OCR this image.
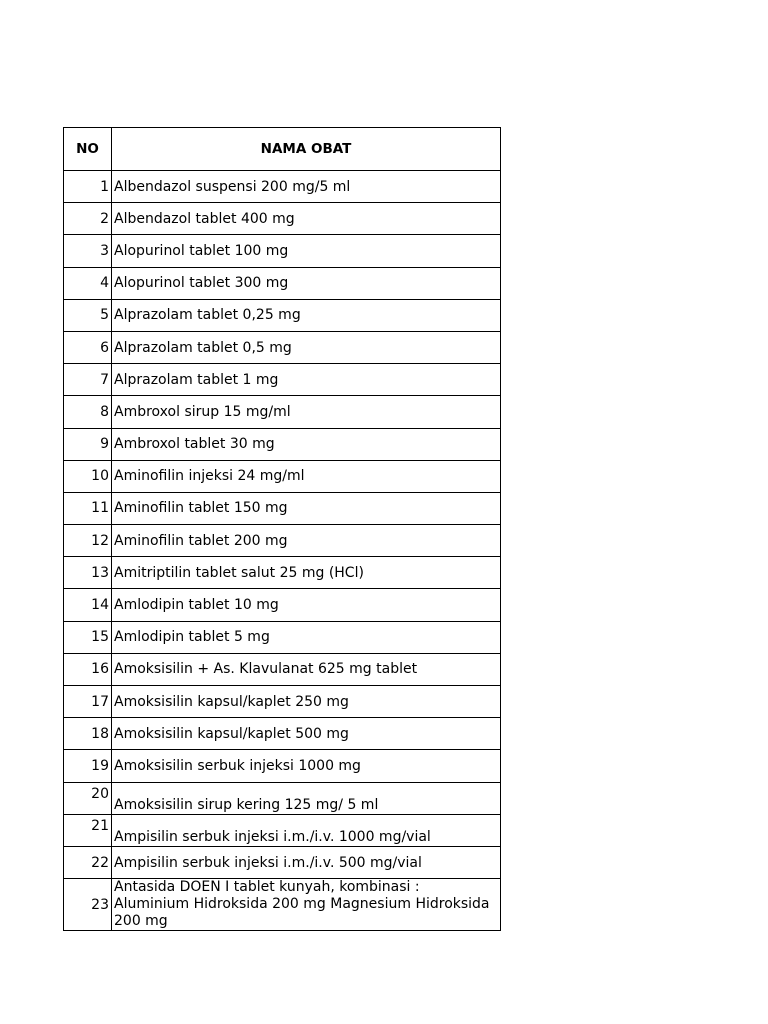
NO	NAMA OBAT
1	Albendazol suspensi 200 mg/5 ml
2	Albendazol tablet 400 mg
3	Alopurinol tablet 100 mg
4	Alopurinol tablet 300 mg
5	Alprazolam tablet 0,25 mg
6	Alprazolam tablet 0,5 mg
7	Alprazolam tablet 1 mg
8	Ambroxol sirup 15 mg/ml
9	Ambroxol tablet 30 mg
10	Aminofilin injeksi 24 mg/ml
11	Aminofilin tablet 150 mg
12	Aminofilin tablet 200 mg
13	Amitriptilin tablet salut 25 mg (HCl)
14	Amlodipin tablet 10 mg
15	Amlodipin tablet 5 mg
16	Amoksisilin + As. Klavulanat 625 mg tablet
17	Amoksisilin kapsul/kaplet 250 mg
18	Amoksisilin kapsul/kaplet 500 mg
19	Amoksisilin serbuk injeksi 1000 mg
20	Amoksisilin sirup kering 125 mg/ 5 ml
21	Ampisilin serbuk injeksi i.m./i.v. 1000 mg/vial
22	Ampisilin serbuk injeksi i.m./i.v. 500 mg/vial
23	Antasida DOEN I tablet kunyah, kombinasi : Aluminium Hidroksida 200 mg Magnesium Hidroksida 200 mg
